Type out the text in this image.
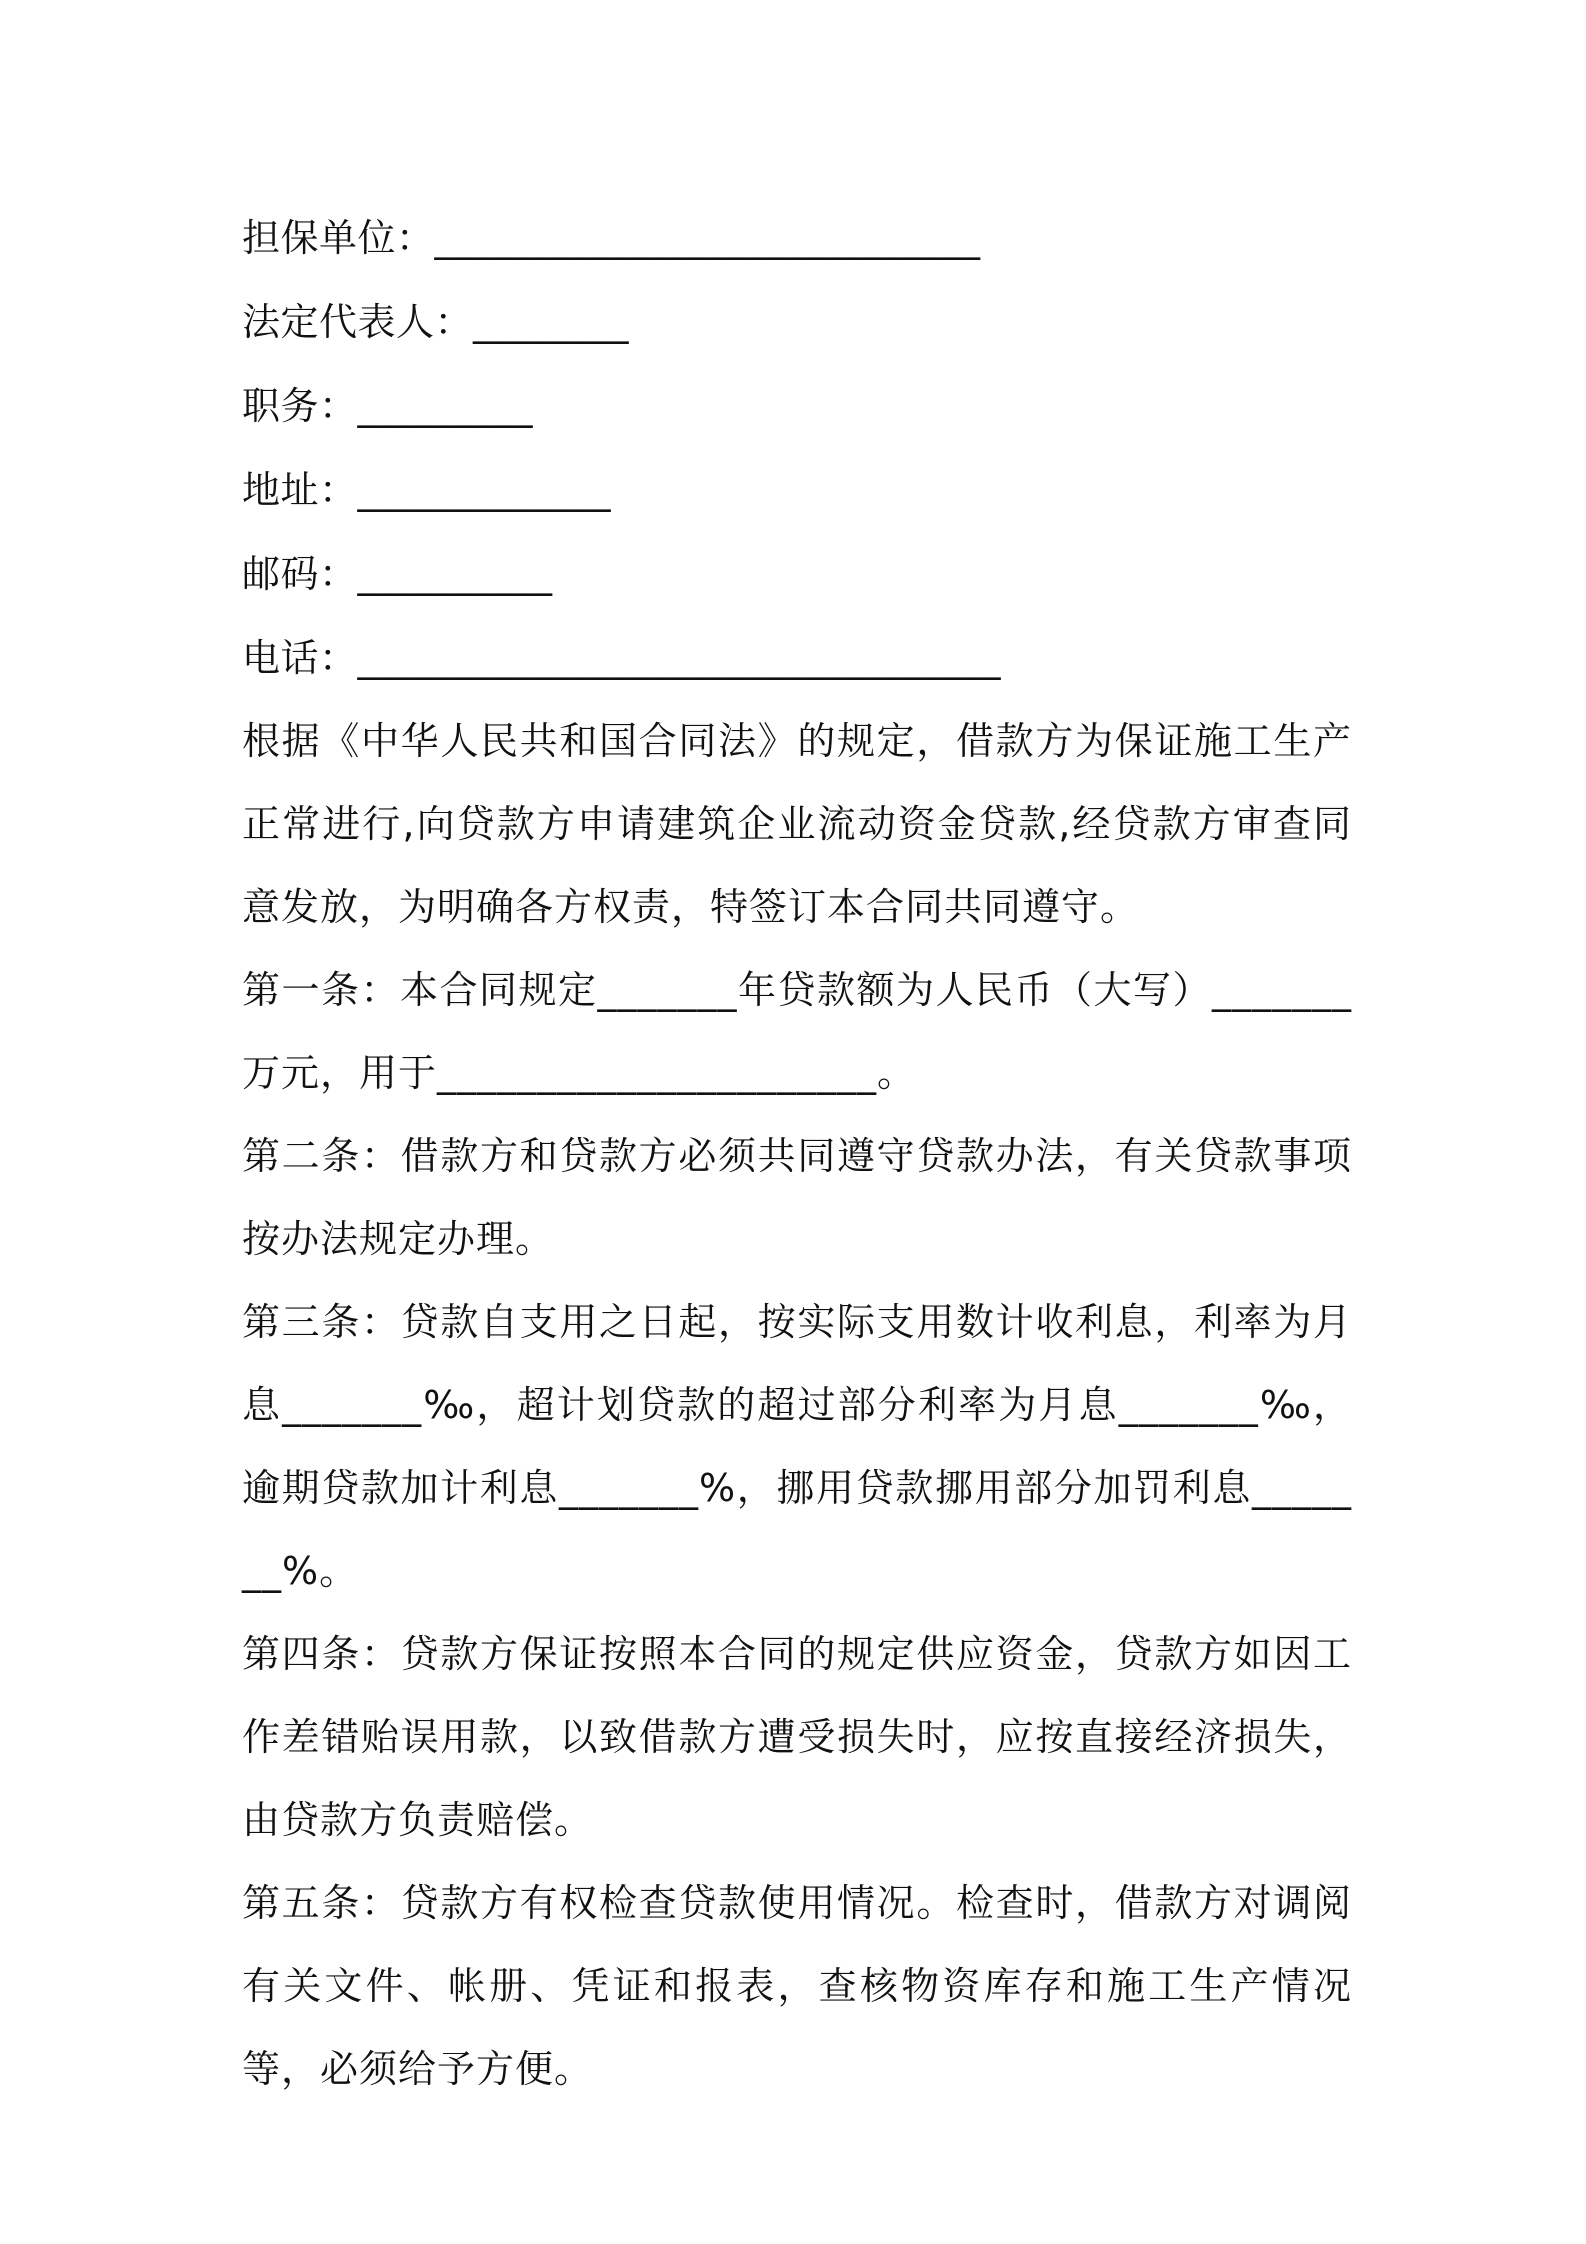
担保单位：____________________________
法定代表人：________
职务：_________
地址：_____________
邮码：__________
电话：_________________________________
根据《中华人民共和国合同法》的规定，借款方为保证施工生产正常进行,向贷款方申请建筑企业流动资金贷款,经贷款方审查同意发放，为明确各方权责，特签订本合同共同遵守。
第一条：本合同规定_______年贷款额为人民币（大写）_______万元，用于______________________。
第二条：借款方和贷款方必须共同遵守贷款办法，有关贷款事项按办法规定办理。
第三条：贷款自支用之日起，按实际支用数计收利息，利率为月息_______‰，超计划贷款的超过部分利率为月息_______‰，逾期贷款加计利息_______%，挪用贷款挪用部分加罚利息_______%。
第四条：贷款方保证按照本合同的规定供应资金，贷款方如因工作差错贻误用款，以致借款方遭受损失时，应按直接经济损失，由贷款方负责赔偿。
第五条：贷款方有权检查贷款使用情况。检查时，借款方对调阅有关文件、帐册、凭证和报表，查核物资库存和施工生产情况等，必须给予方便。
